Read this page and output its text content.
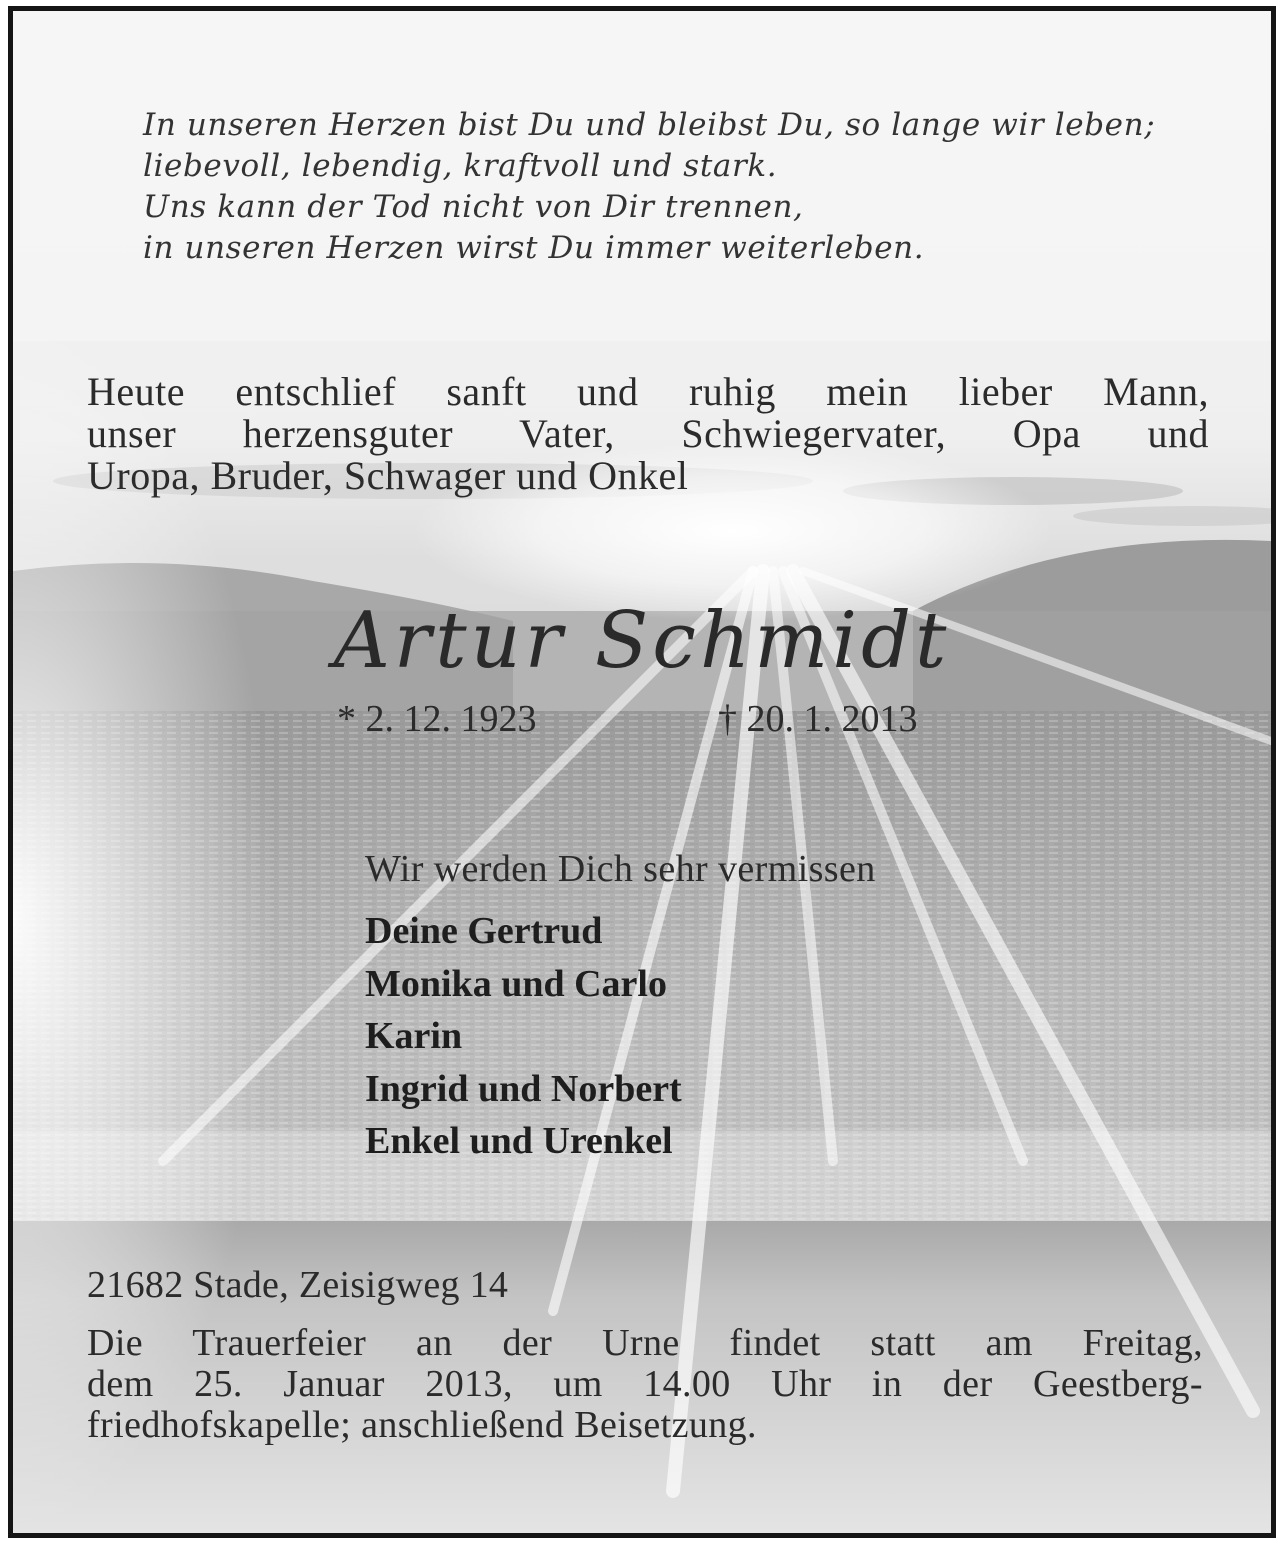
In unseren Herzen bist Du und bleibst Du, so lange wir leben;
liebevoll, lebendig, kraftvoll und stark.
Uns kann der Tod nicht von Dir trennen,
in unseren Herzen wirst Du immer weiterleben.
Heute entschlief sanft und ruhig mein lieber Mann,
unser herzensguter Vater, Schwiegervater, Opa und
Uropa, Bruder, Schwager und Onkel
Artur Schmidt
* 2. 12. 1923	† 20. 1. 2013
Wir werden Dich sehr vermissen
Deine Gertrud
Monika und Carlo
Karin
Ingrid und Norbert
Enkel und Urenkel
21682 Stade, Zeisigweg 14
Die Trauerfeier an der Urne findet statt am Freitag,
dem 25. Januar 2013, um 14.00 Uhr in der Geestberg-
friedhofskapelle; anschließend Beisetzung.
